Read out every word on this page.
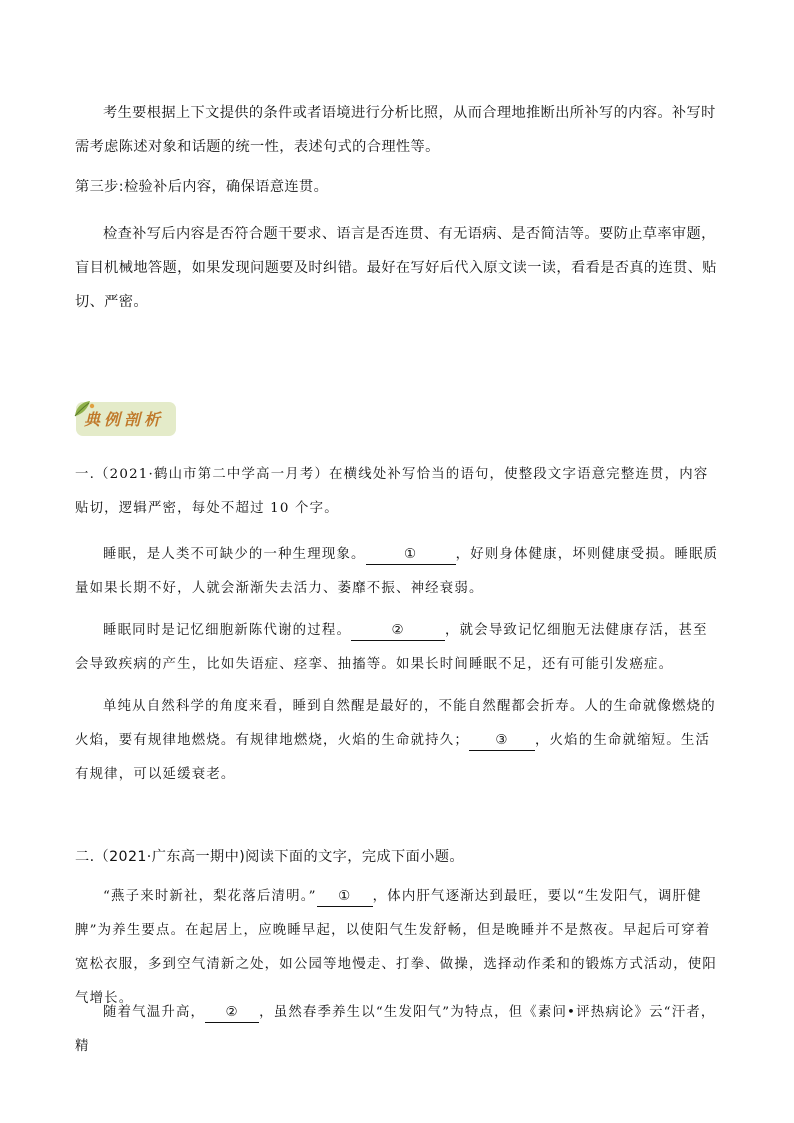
考生要根据上下文提供的条件或者语境进行分析比照，从而合理地推断出所补写的内容。补写时需考虑陈述对象和话题的统一性，表述句式的合理性等。

第三步:检验补后内容，确保语意连贯。

检查补写后内容是否符合题干要求、语言是否连贯、有无语病、是否简洁等。要防止草率审题，盲目机械地答题，如果发现问题要及时纠错。最好在写好后代入原文读一读，看看是否真的连贯、贴切、严密。

典例剖析

一.（2021·鹤山市第二中学高一月考）在横线处补写恰当的语句，使整段文字语意完整连贯，内容贴切，逻辑严密，每处不超过 10 个字。

睡眠，是人类不可缺少的一种生理现象。	①	，好则身体健康，坏则健康受损。睡眠质量如果长期不好，人就会渐渐失去活力、萎靡不振、神经衰弱。

睡眠同时是记忆细胞新陈代谢的过程。	②	，就会导致记忆细胞无法健康存活，甚至会导致疾病的产生，比如失语症、痉挛、抽搐等。如果长时间睡眠不足，还有可能引发癌症。

单纯从自然科学的角度来看，睡到自然醒是最好的，不能自然醒都会折寿。人的生命就像燃烧的火焰，要有规律地燃烧。有规律地燃烧，火焰的生命就持久； ③ ，火焰的生命就缩短。生活有规律，可以延缓衰老。

二.（2021·广东高一期中)阅读下面的文字，完成下面小题。

“燕子来时新社，梨花落后清明。” ① ，体内肝气逐渐达到最旺，要以“生发阳气，调肝健脾”为养生要点。在起居上，应晚睡早起，以使阳气生发舒畅，但是晚睡并不是熬夜。早起后可穿着宽松衣服，多到空气清新之处，如公园等地慢走、打拳、做操，选择动作柔和的锻炼方式活动，使阳气增长。

随着气温升高， ② ，虽然春季养生以“生发阳气”为特点，但《素问•评热病论》云“汗者，精
